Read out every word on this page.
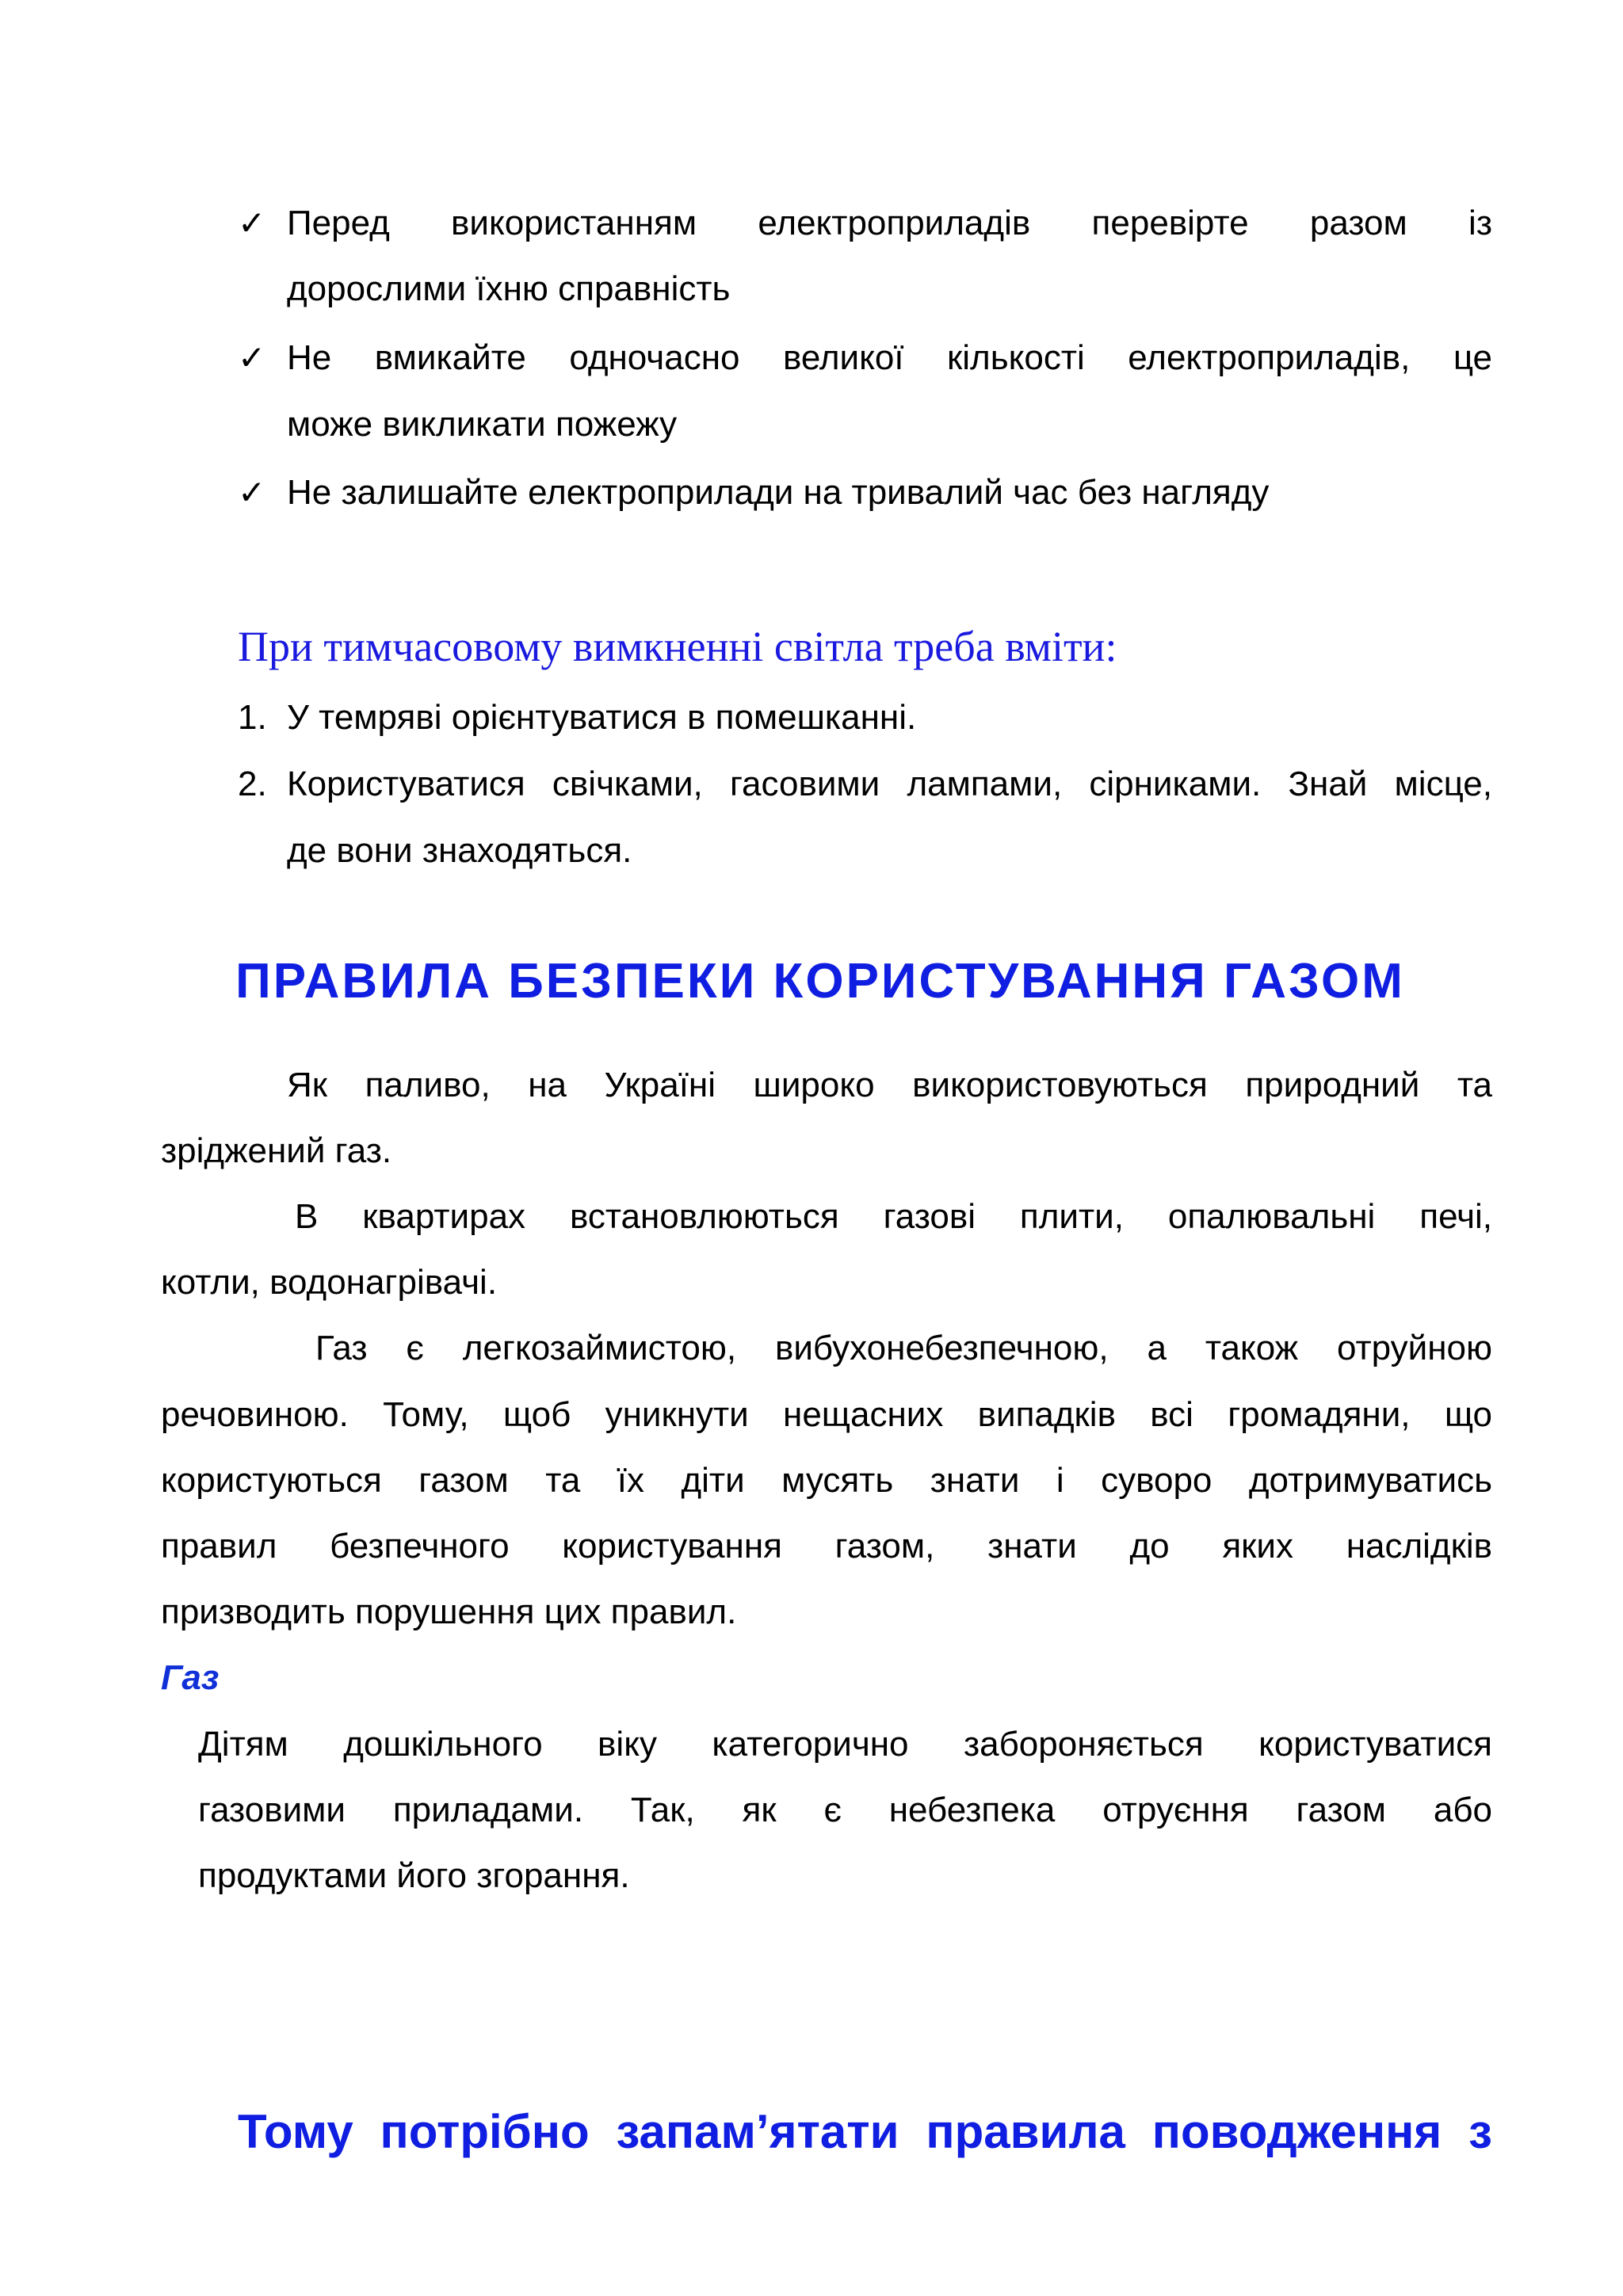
✓ Перед використанням електроприладів перевірте разом із
дорослими їхню справність
✓ Не вмикайте одночасно великої кількості електроприладів, це
може викликати пожежу
✓ Не залишайте електроприлади на тривалий час без нагляду
При тимчасовому вимкненні світла треба вміти:
1. У темряві орієнтуватися в помешканні.
2. Користуватися свічками, гасовими лампами, сірниками. Знай місце,
де вони знаходяться.
ПРАВИЛА БЕЗПЕКИ КОРИСТУВАННЯ ГАЗОМ
Як паливо, на Україні широко використовуються природний та
зріджений газ.
В квартирах встановлюються газові плити, опалювальні печі,
котли, водонагрівачі.
Газ є легкозаймистою, вибухонебезпечною, а також отруйною
речовиною. Тому, щоб уникнути нещасних випадків всі громадяни, що
користуються газом та їх діти мусять знати і суворо дотримуватись
правил безпечного користування газом, знати до яких наслідків
призводить порушення цих правил.
Газ
Дітям дошкільного віку категорично забороняється користуватися
газовими приладами. Так, як є небезпека отруєння газом або
продуктами його згорання.
Тому потрібно запам’ятати правила поводження з
